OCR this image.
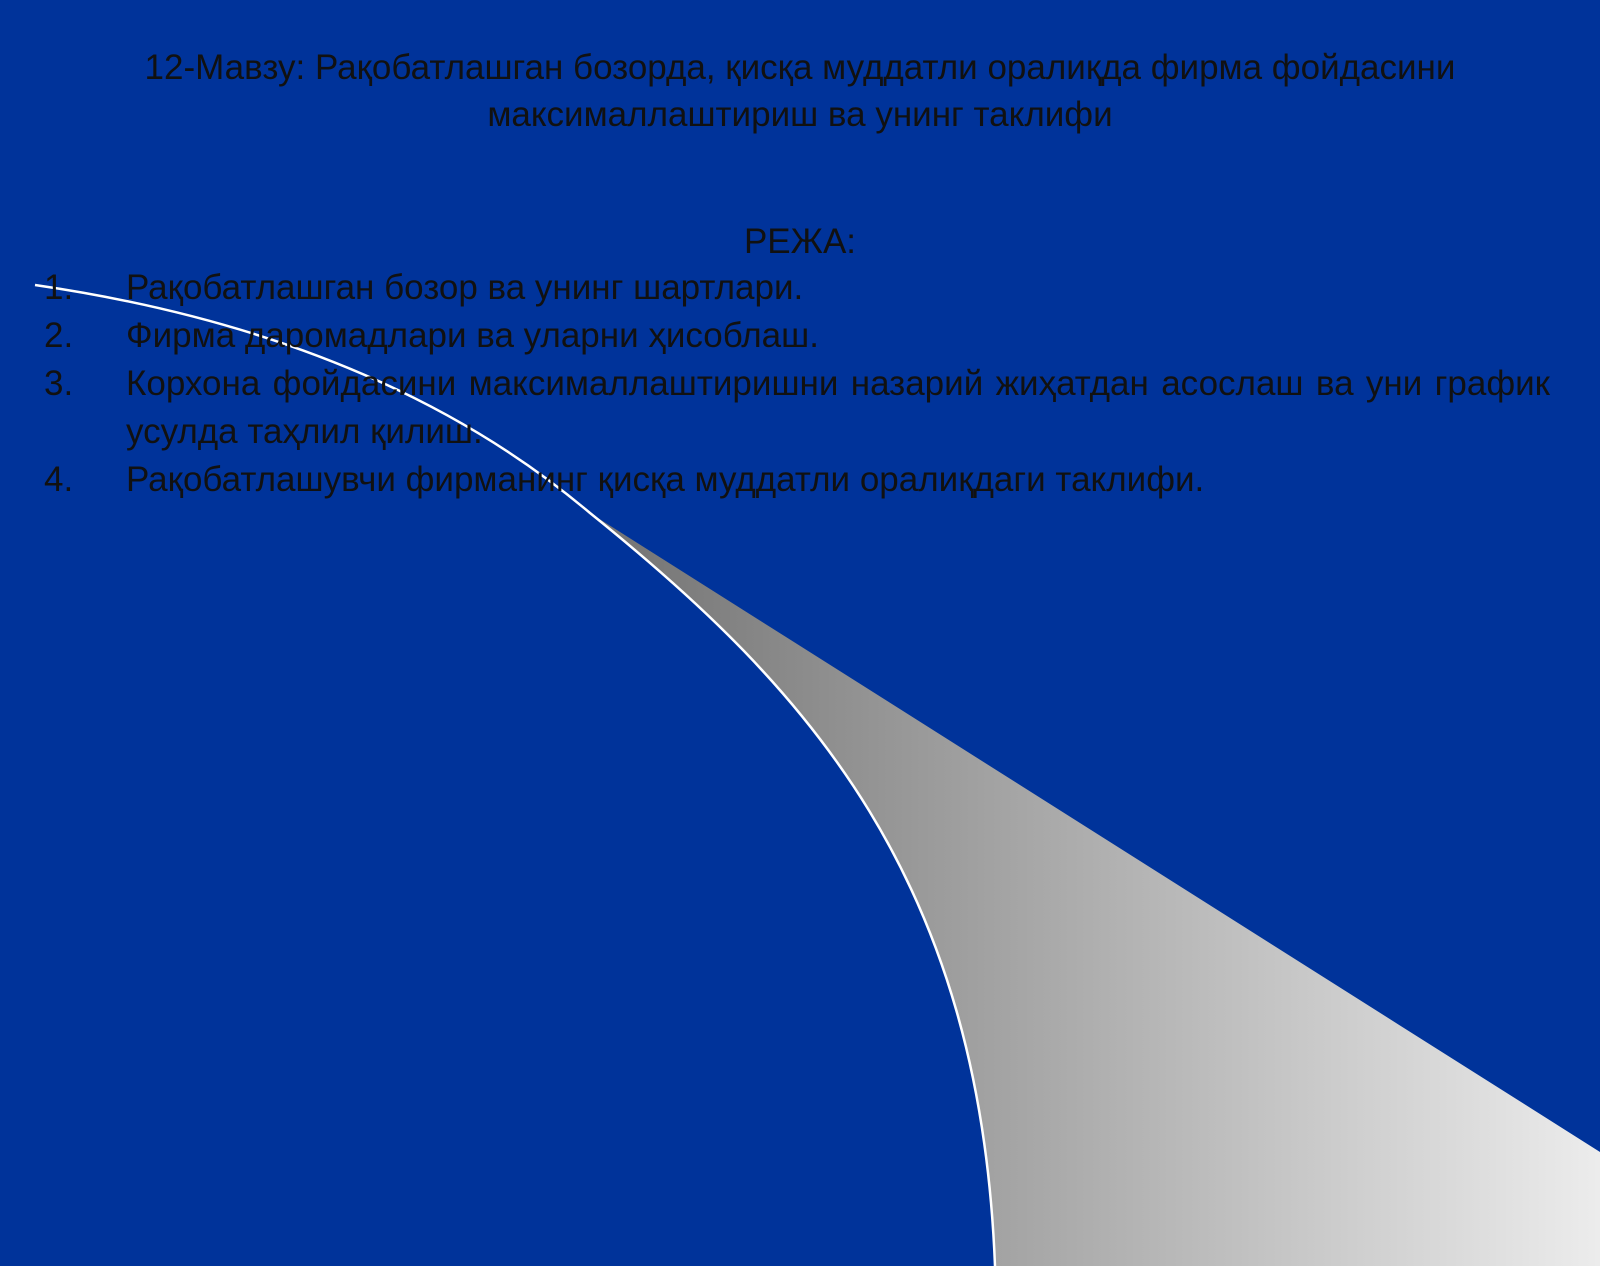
12-Мавзу: Рақобатлашган бозорда, қисқа муддатли оралиқда фирма фойдасини максималлаштириш ва унинг таклифи
РЕЖА:
1.	Рақобатлашган бозор ва унинг шартлари.
2.	Фирма даромадлари ва уларни ҳисоблаш.
3.	Корхона фойдасини максималлаштиришни назарий жиҳатдан асослаш ва уни график усулда таҳлил қилиш.
4.	Рақобатлашувчи фирманинг қисқа муддатли оралиқдаги таклифи.
